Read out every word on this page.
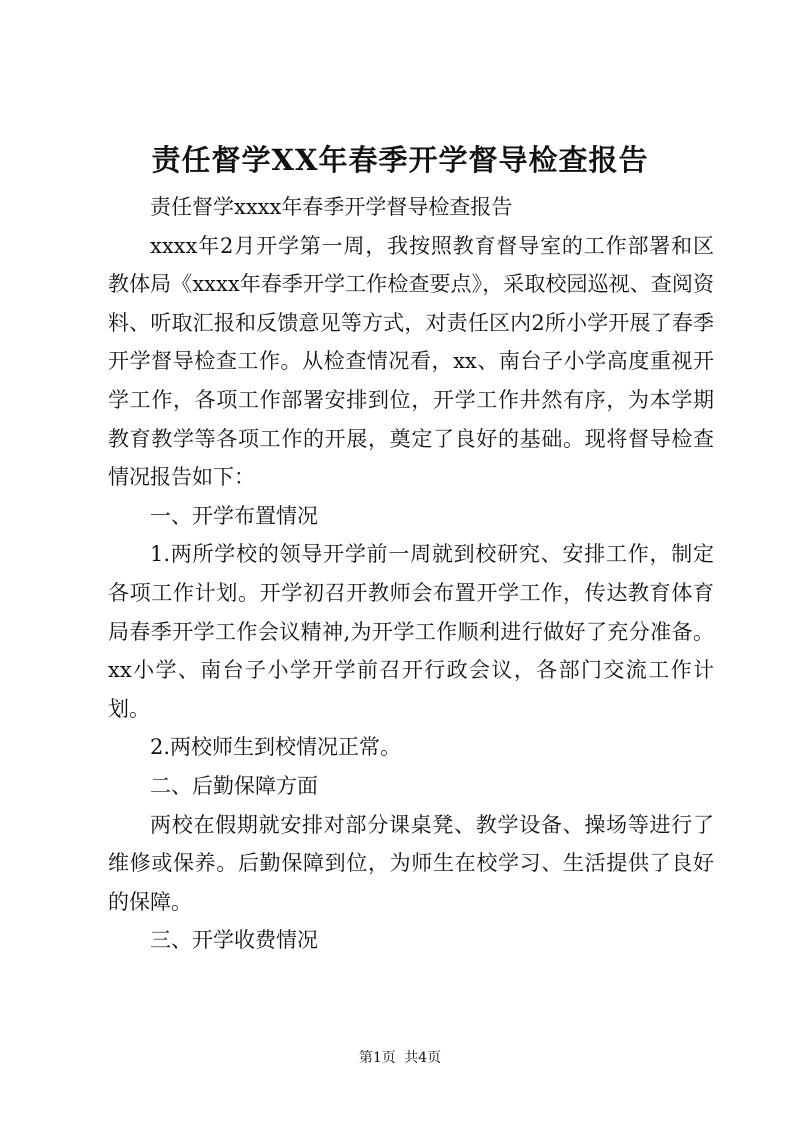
责任督学XX年春季开学督导检查报告

责任督学xxxx年春季开学督导检查报告

xxxx年2月开学第一周，我按照教育督导室的工作部署和区教体局《xxxx年春季开学工作检查要点》，采取校园巡视、查阅资料、听取汇报和反馈意见等方式，对责任区内2所小学开展了春季开学督导检查工作。从检查情况看，xx、南台子小学高度重视开学工作，各项工作部署安排到位，开学工作井然有序，为本学期教育教学等各项工作的开展，奠定了良好的基础。现将督导检查情况报告如下：

一、开学布置情况

1.两所学校的领导开学前一周就到校研究、安排工作，制定各项工作计划。开学初召开教师会布置开学工作，传达教育体育局春季开学工作会议精神,为开学工作顺利进行做好了充分准备。xx小学、南台子小学开学前召开行政会议，各部门交流工作计划。

2.两校师生到校情况正常。

二、后勤保障方面

两校在假期就安排对部分课桌凳、教学设备、操场等进行了维修或保养。后勤保障到位，为师生在校学习、生活提供了良好的保障。

三、开学收费情况

第1页 共4页
